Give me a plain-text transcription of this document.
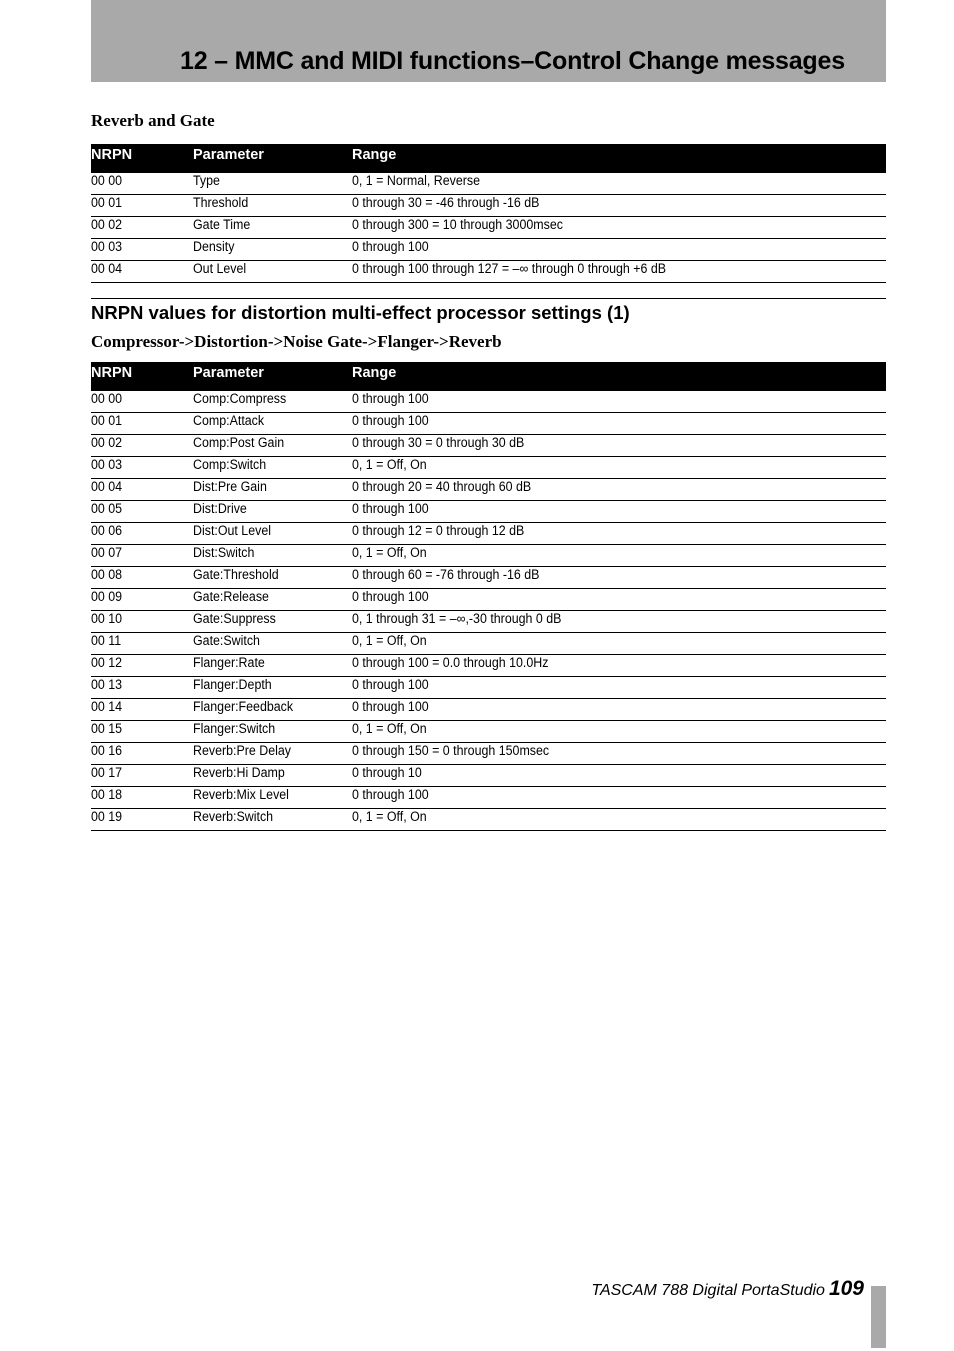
12 – MMC and MIDI functions–Control Change messages
Reverb and Gate
NRPN	Parameter	Range
00 00	Type	0, 1 = Normal, Reverse
00 01	Threshold	0 through 30 = -46 through -16 dB
00 02	Gate Time	0 through 300 = 10 through 3000msec
00 03	Density	0 through 100
00 04	Out Level	0 through 100 through 127 = –∞ through 0 through +6 dB
NRPN values for distortion multi-effect processor settings (1)
Compressor->Distortion->Noise Gate->Flanger->Reverb
NRPN	Parameter	Range
00 00	Comp:Compress	0 through 100
00 01	Comp:Attack	0 through 100
00 02	Comp:Post Gain	0 through 30 = 0 through 30 dB
00 03	Comp:Switch	0, 1 = Off, On
00 04	Dist:Pre Gain	0 through 20 = 40 through 60 dB
00 05	Dist:Drive	0 through 100
00 06	Dist:Out Level	0 through 12 = 0 through 12 dB
00 07	Dist:Switch	0, 1 = Off, On
00 08	Gate:Threshold	0 through 60 = -76 through -16 dB
00 09	Gate:Release	0 through 100
00 10	Gate:Suppress	0, 1 through 31 = –∞,-30 through 0 dB
00 11	Gate:Switch	0, 1 = Off, On
00 12	Flanger:Rate	0 through 100 = 0.0 through 10.0Hz
00 13	Flanger:Depth	0 through 100
00 14	Flanger:Feedback	0 through 100
00 15	Flanger:Switch	0, 1 = Off, On
00 16	Reverb:Pre Delay	0 through 150 = 0 through 150msec
00 17	Reverb:Hi Damp	0 through 10
00 18	Reverb:Mix Level	0 through 100
00 19	Reverb:Switch	0, 1 = Off, On
TASCAM 788 Digital PortaStudio 109
